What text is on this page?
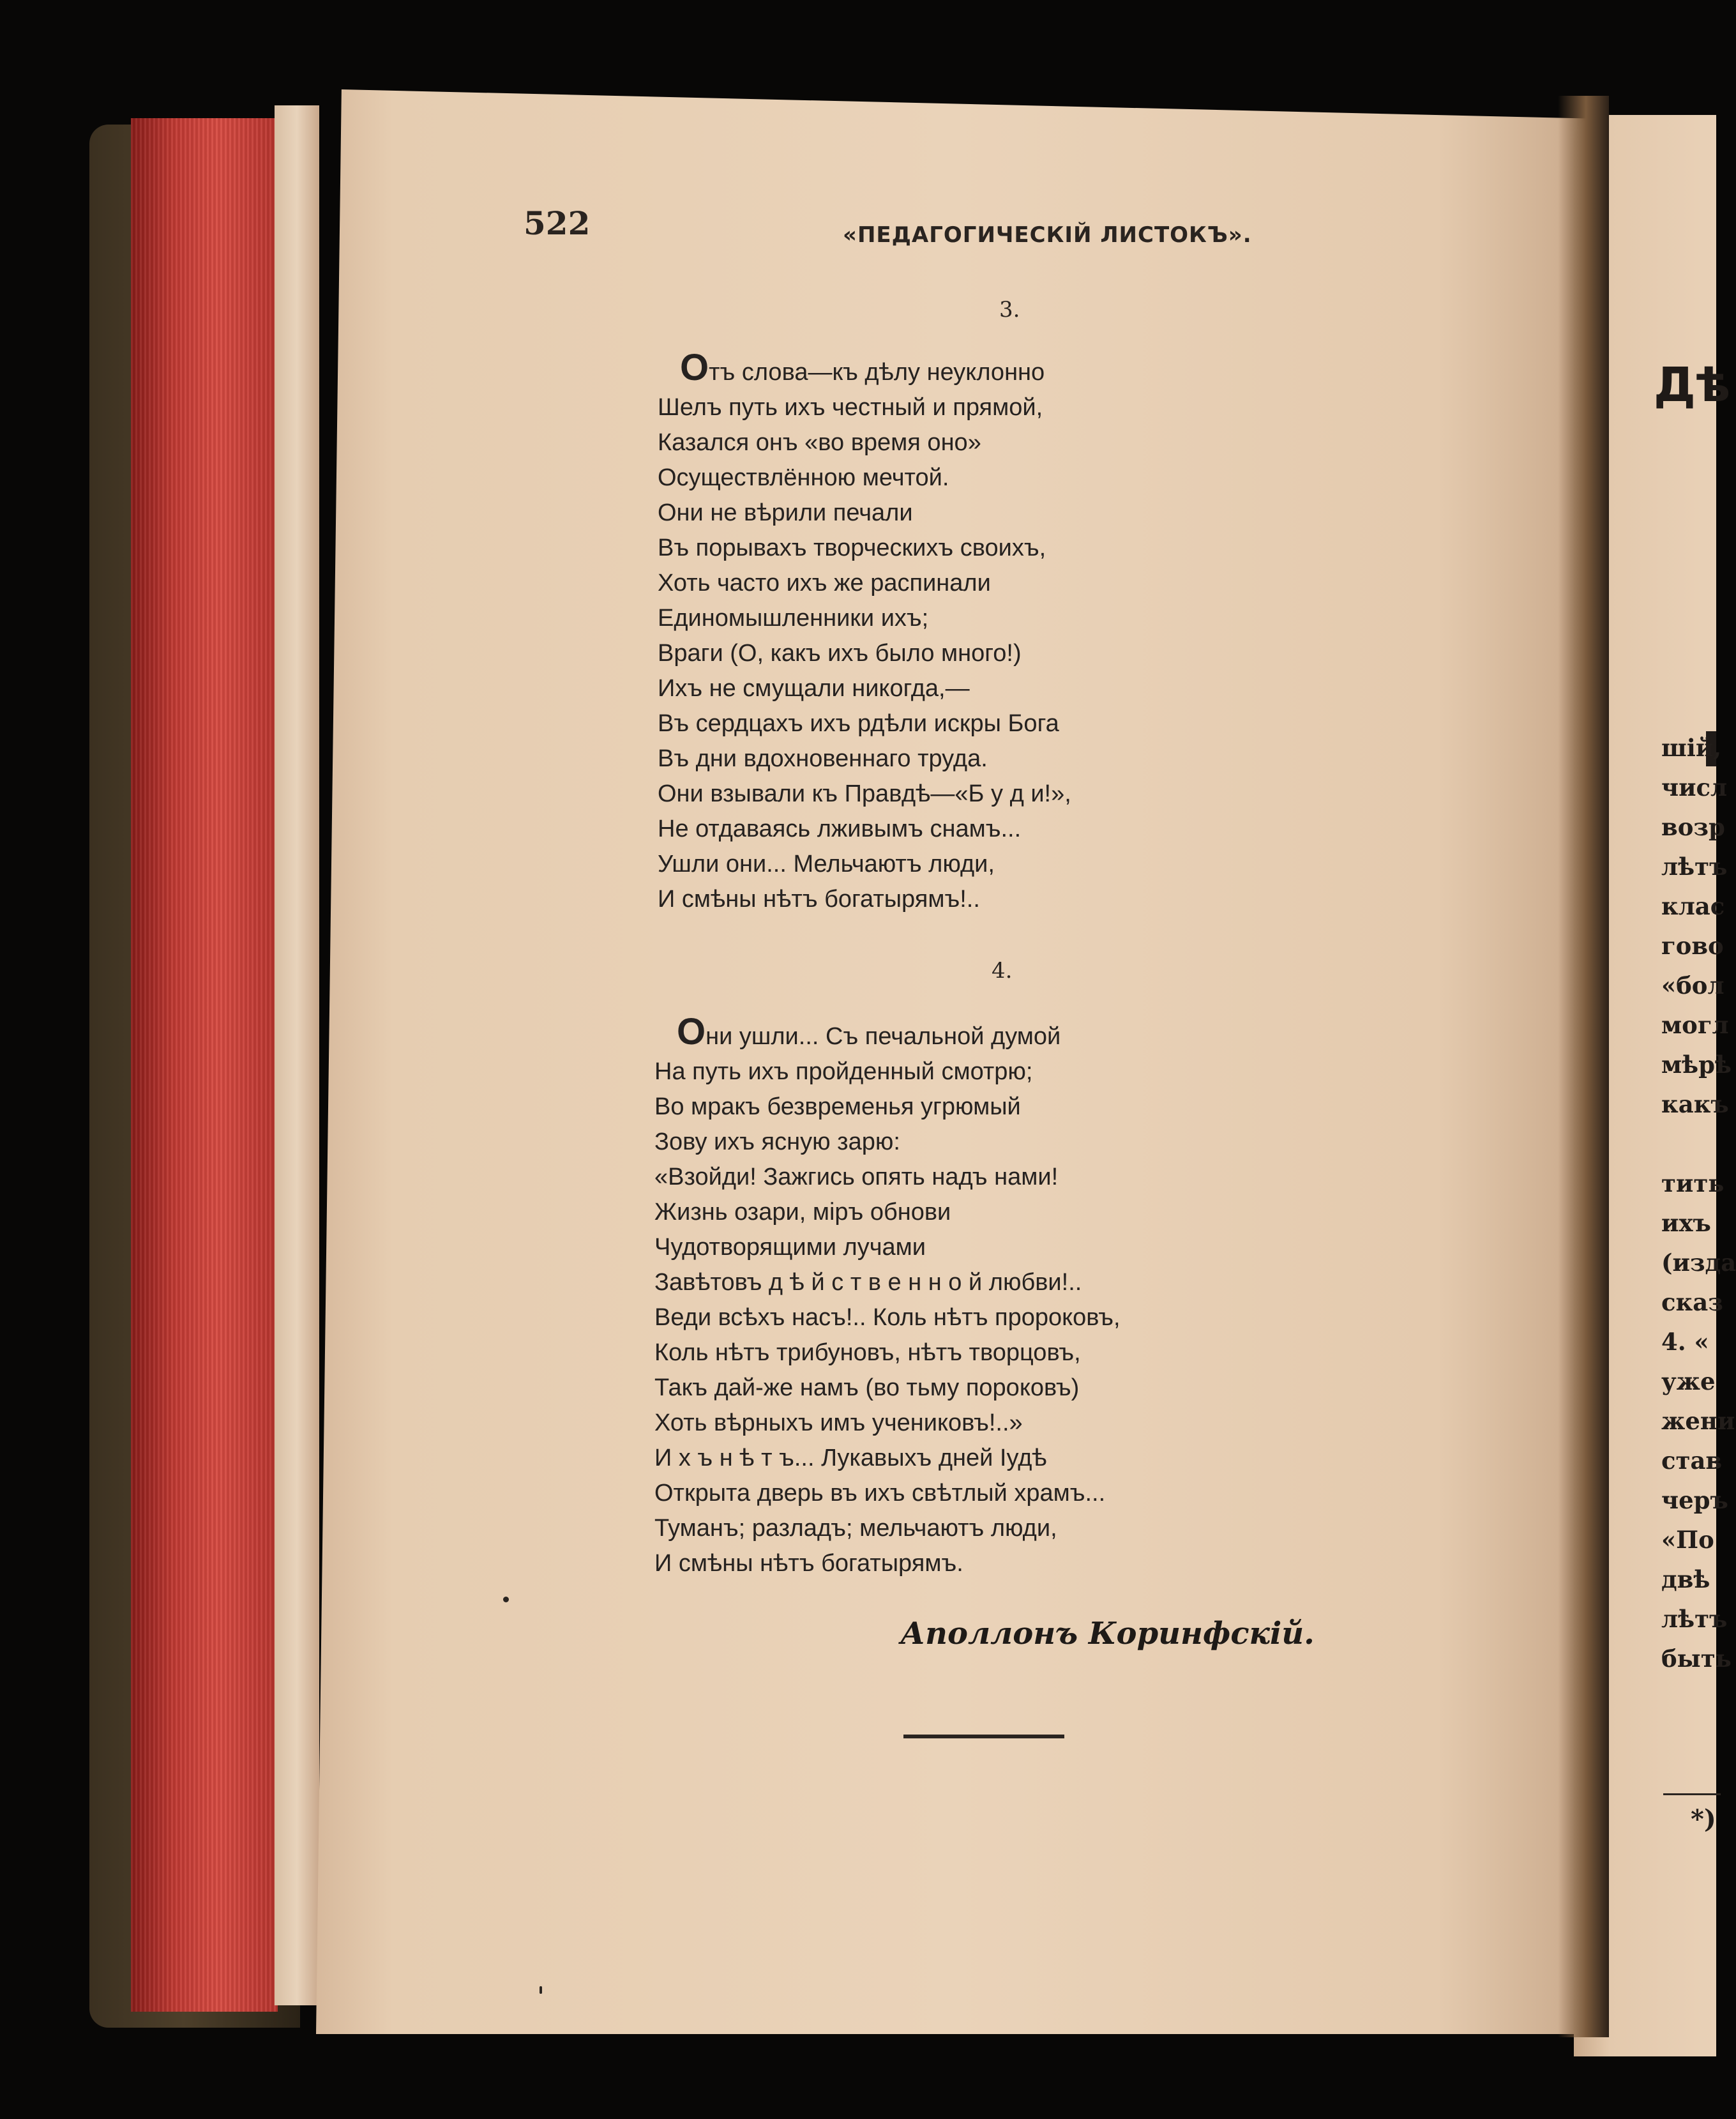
522	«ПЕДАГОГИЧЕСКІЙ ЛИСТОКЪ».
3.
Отъ слова—къ дѣлу неуклонно
Шелъ путь ихъ честный и прямой,
Казался онъ «во время оно»
Осуществлённою мечтой.
Они не вѣрили печали
Въ порывахъ творческихъ своихъ,
Хоть часто ихъ же распинали
Единомышленники ихъ;
Враги (О, какъ ихъ было много!)
Ихъ не смущали никогда,—
Въ сердцахъ ихъ рдѣли искры Бога
Въ дни вдохновеннаго труда.
Они взывали къ Правдѣ—«Б у д и!»,
Не отдаваясь лживымъ снамъ...
Ушли они... Мельчаютъ люди,
И смѣны нѣтъ богатырямъ!..
4.
Они ушли... Съ печальной думой
На путь ихъ пройденный смотрю;
Во мракъ безвременья угрюмый
Зову ихъ ясную зарю:
«Взойди! Зажгись опять надъ нами!
Жизнь озари, міръ обнови
Чудотворящими лучами
Завѣтовъ д ѣ й с т в е н н о й любви!..
Веди всѣхъ насъ!.. Коль нѣтъ пророковъ,
Коль нѣтъ трибуновъ, нѣтъ творцовъ,
Такъ дай-же намъ (во тьму пороковъ)
Хоть вѣрныхъ имъ учениковъ!..»
И х ъ н ѣ т ъ... Лукавыхъ дней Іудѣ
Открыта дверь въ ихъ свѣтлый храмъ...
Туманъ; разладъ; мельчаютъ люди,
И смѣны нѣтъ богатырямъ.
Аполлонъ Коринфскій.
Дѣ
шій,
числ
возр
лѣтъ
клас
гово
«бол
могл
мѣрѣ
какъ

тить
ихъ
(изда
сказ
4. «
уже
жени
став
черъ
«По
двѣ
лѣтъ
быть
*)
